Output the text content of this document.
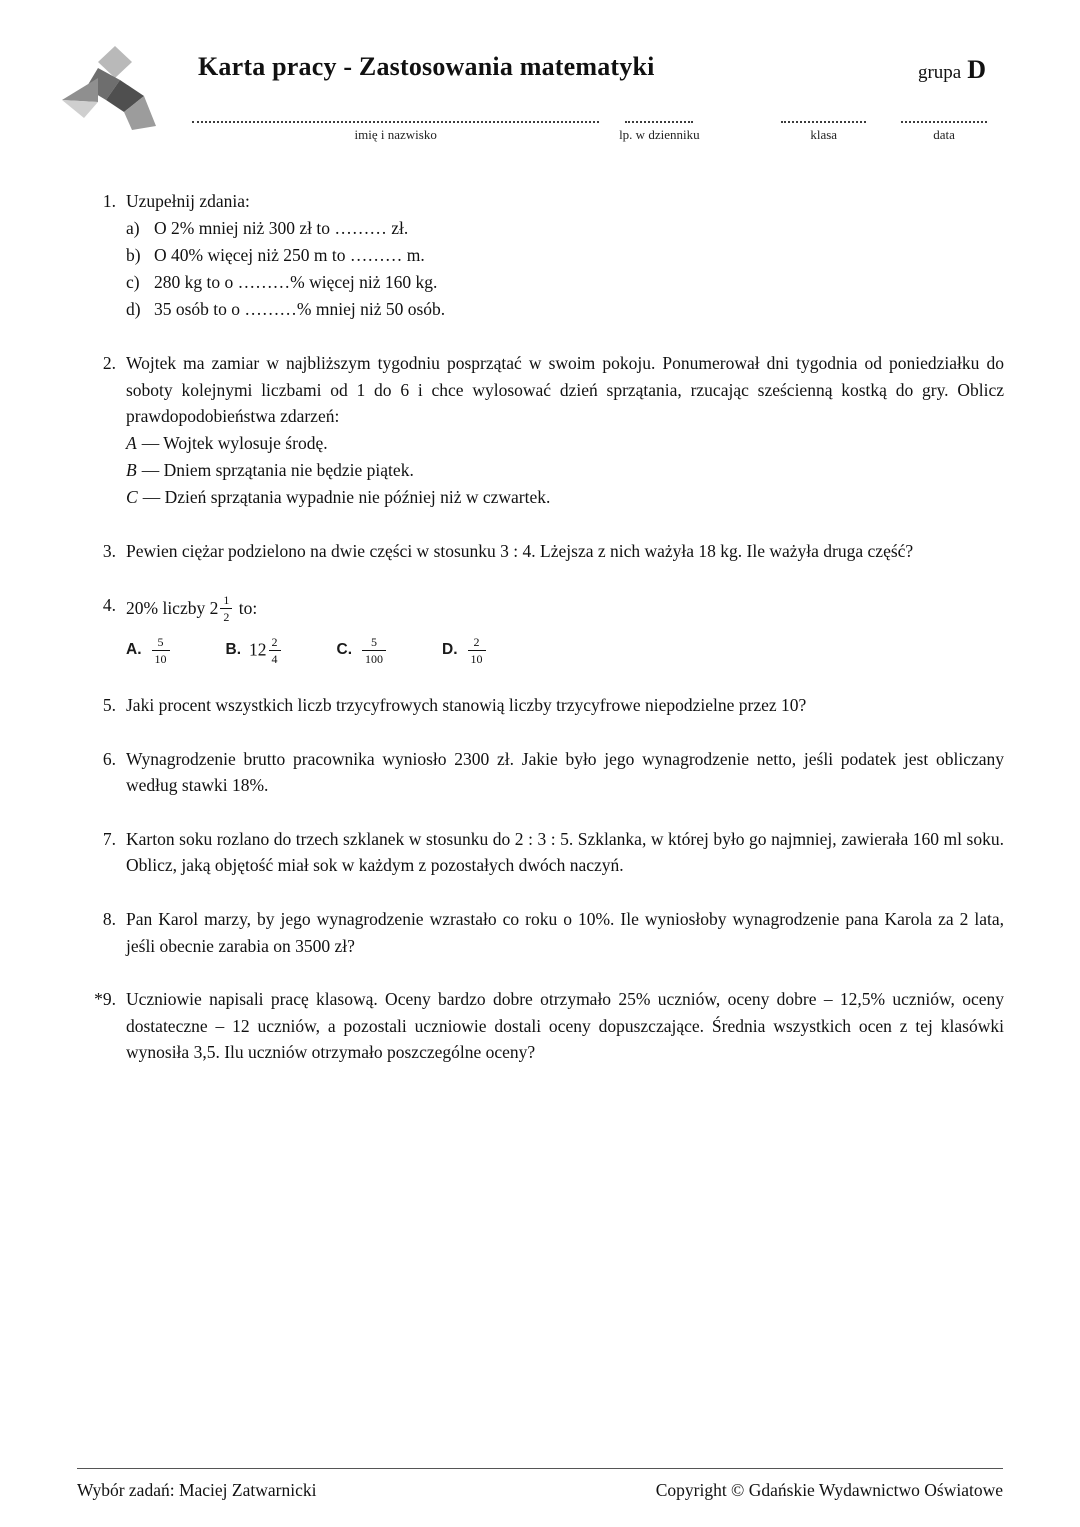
Karta pracy - Zastosowania matematyki	grupa D
imię i nazwisko	lp. w dzienniku	klasa	data
1. Uzupełnij zdania:

a) O 2% mniej niż 300 zł to ……… zł.
b) O 40% więcej niż 250 m to ……… m.
c) 280 kg to o ………% więcej niż 160 kg.
d) 35 osób to o ………% mniej niż 50 osób.
2. Wojtek ma zamiar w najbliższym tygodniu posprzątać w swoim pokoju. Ponumerował dni tygodnia od poniedziałku do soboty kolejnymi liczbami od 1 do 6 i chce wylosować dzień sprzątania, rzucając sześcienną kostką do gry. Oblicz prawdopodobieństwa zdarzeń:

A — Wojtek wylosuje środę.
B — Dniem sprzątania nie będzie piątek.
C — Dzień sprzątania wypadnie nie później niż w czwartek.
3. Pewien ciężar podzielono na dwie części w stosunku 3 : 4. Lżejsza z nich ważyła 18 kg. Ile ważyła druga część?

4. 20% liczby $2 \frac{1}{2}$ to:

A. $\frac{5}{10}$	B. $12 \frac{2}{4}$	C. $\frac{5}{100}$	D. $\frac{2}{10}$
5. Jaki procent wszystkich liczb trzycyfrowych stanowią liczby trzycyfrowe niepodzielne przez 10?

6. Wynagrodzenie brutto pracownika wyniosło 2300 zł. Jakie było jego wynagrodzenie netto, jeśli podatek jest obliczany według stawki 18%.

7. Karton soku rozlano do trzech szklanek w stosunku do 2 : 3 : 5. Szklanka, w której było go najmniej, zawierała 160 ml soku. Oblicz, jaką objętość miał sok w każdym z pozostałych dwóch naczyń.

8. Pan Karol marzy, by jego wynagrodzenie wzrastało co roku o 10%. Ile wyniosłoby wynagrodzenie pana Karola za 2 lata, jeśli obecnie zarabia on 3500 zł?

*9. Uczniowie napisali pracę klasową. Oceny bardzo dobre otrzymało 25% uczniów, oceny dobre – 12,5% uczniów, oceny dostateczne – 12 uczniów, a pozostali uczniowie dostali oceny dopuszczające. Średnia wszystkich ocen z tej klasówki wynosiła 3,5. Ilu uczniów otrzymało poszczególne oceny?

Wybór zadań: Maciej Zatwarnicki	Copyright © Gdańskie Wydawnictwo Oświatowe
